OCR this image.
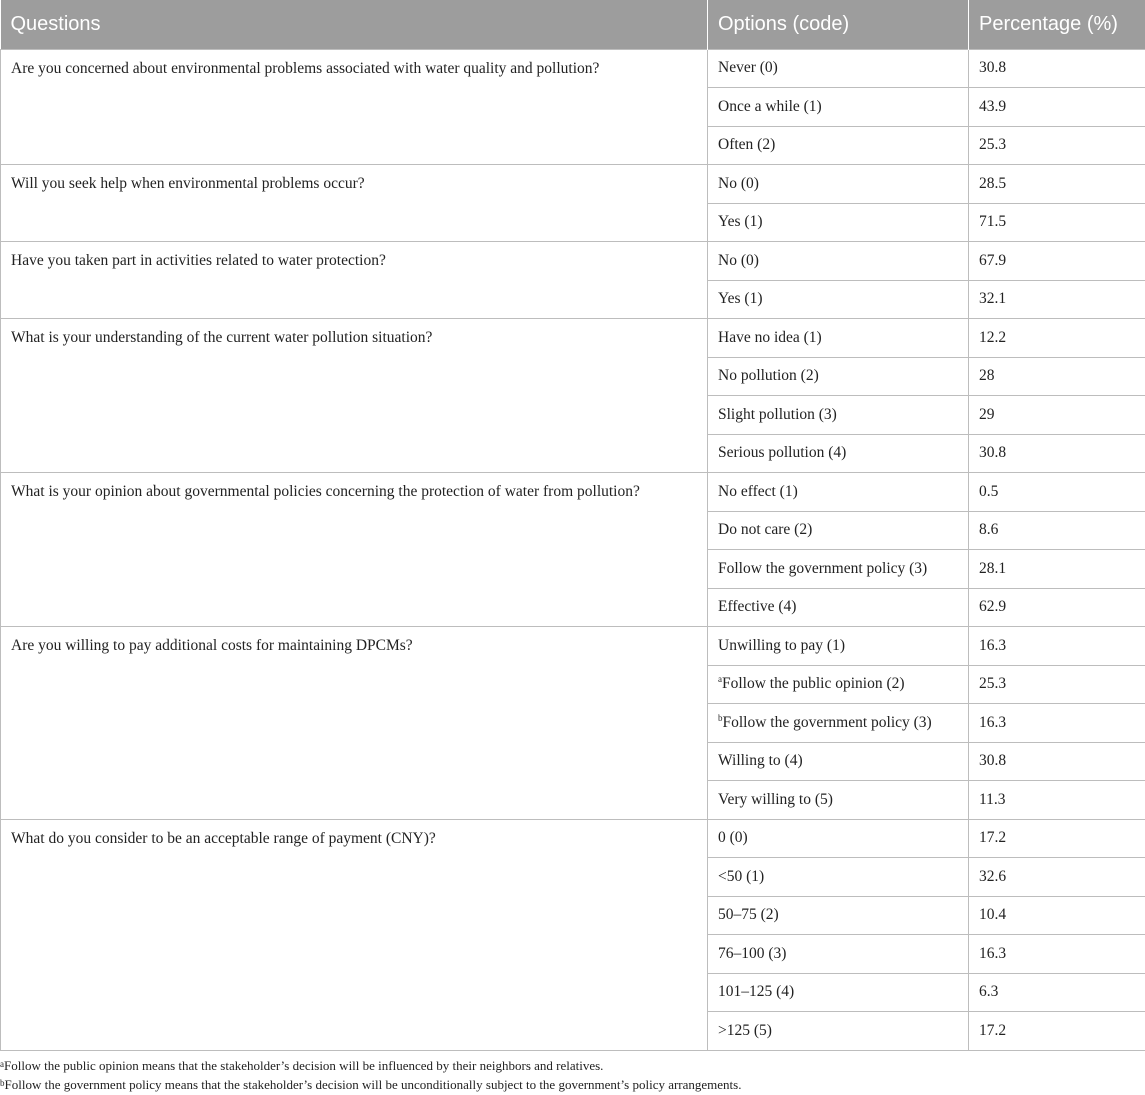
Questions	Options (code)	Percentage (%)
Are you concerned about environmental problems associated with water quality and pollution?	Never (0)	30.8
	Once a while (1)	43.9
	Often (2)	25.3
Will you seek help when environmental problems occur?	No (0)	28.5
	Yes (1)	71.5
Have you taken part in activities related to water protection?	No (0)	67.9
	Yes (1)	32.1
What is your understanding of the current water pollution situation?	Have no idea (1)	12.2
	No pollution (2)	28
	Slight pollution (3)	29
	Serious pollution (4)	30.8
What is your opinion about governmental policies concerning the protection of water from pollution?	No effect (1)	0.5
	Do not care (2)	8.6
	Follow the government policy (3)	28.1
	Effective (4)	62.9
Are you willing to pay additional costs for maintaining DPCMs?	Unwilling to pay (1)	16.3
	$^a$Follow the public opinion (2)	25.3
	$^b$Follow the government policy (3)	16.3
	Willing to (4)	30.8
	Very willing to (5)	11.3
What do you consider to be an acceptable range of payment (CNY)?	0 (0)	17.2
	<50 (1)	32.6
	50–75 (2)	10.4
	76–100 (3)	16.3
	101–125 (4)	6.3
	>125 (5)	17.2
$^a$Follow the public opinion means that the stakeholder’s decision will be influenced by their neighbors and relatives.
$^b$Follow the government policy means that the stakeholder’s decision will be unconditionally subject to the government’s policy arrangements.
